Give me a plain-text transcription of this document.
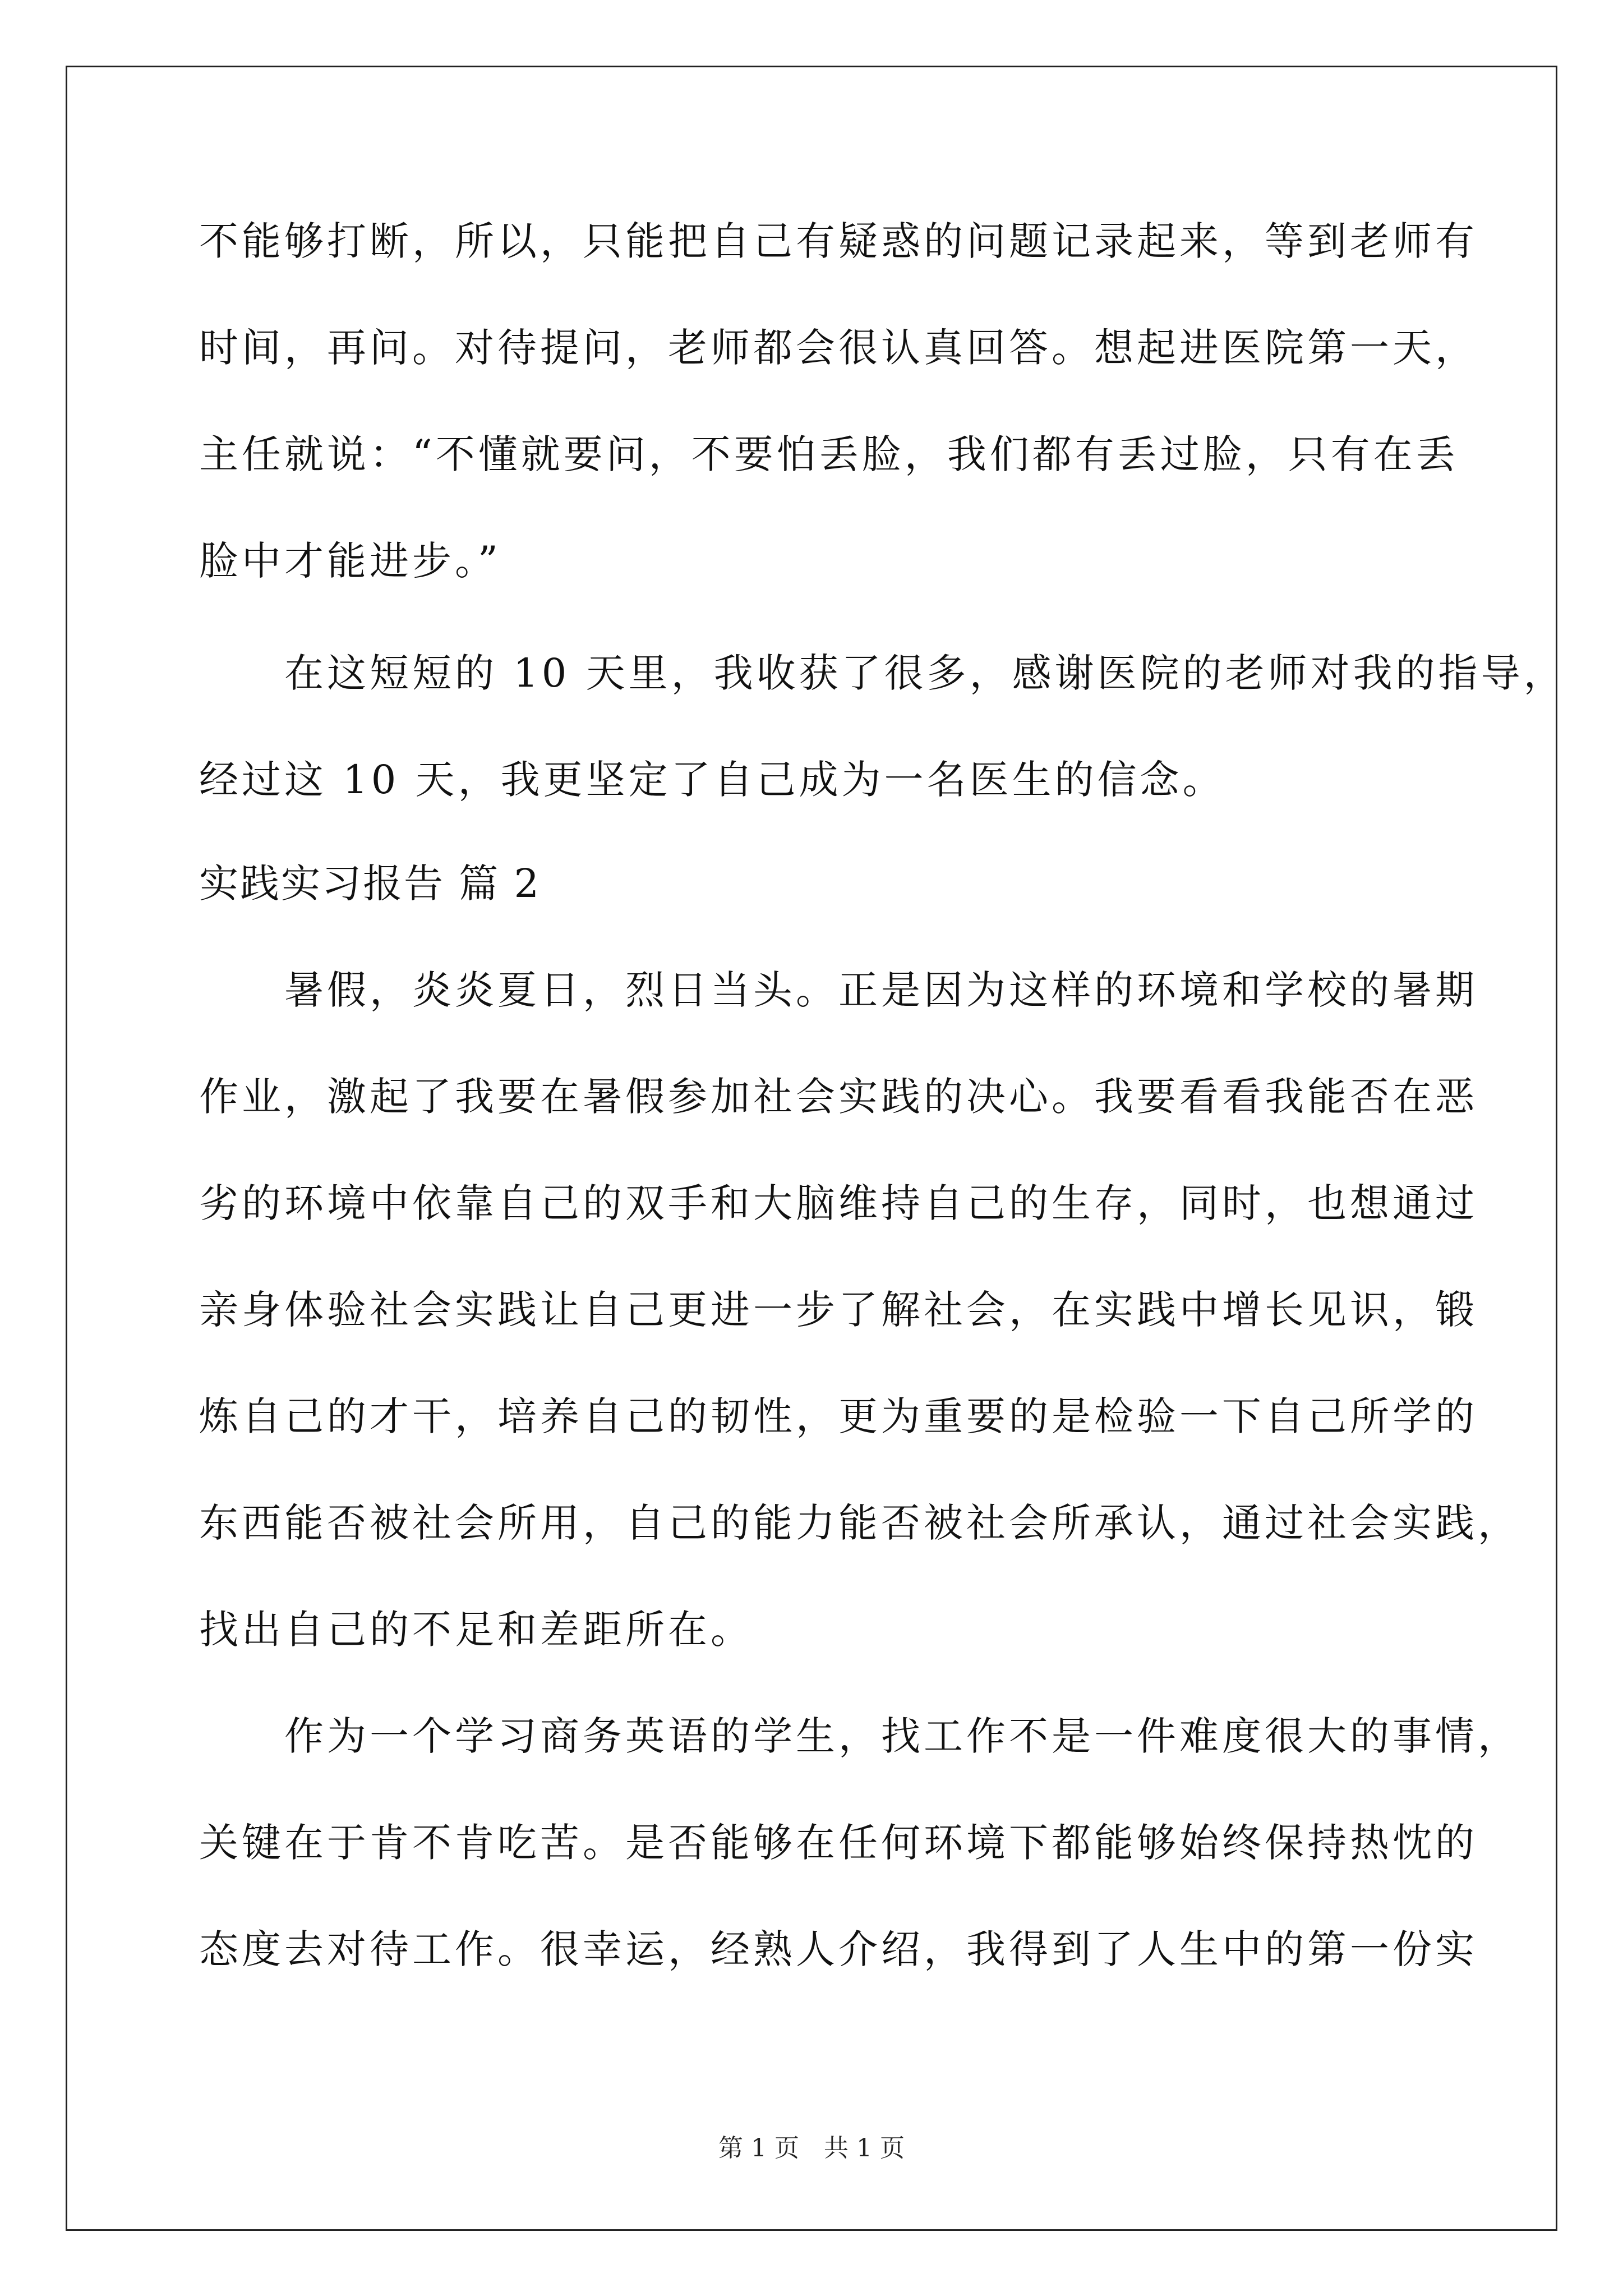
不能够打断，所以，只能把自己有疑惑的问题记录起来，等到老师有
时间，再问。对待提问，老师都会很认真回答。想起进医院第一天，
主任就说：“不懂就要问，不要怕丢脸，我们都有丢过脸，只有在丢
脸中才能进步。”
　　在这短短的 10 天里，我收获了很多，感谢医院的老师对我的指导，
经过这 10 天，我更坚定了自己成为一名医生的信念。
实践实习报告 篇 2
　　暑假，炎炎夏日，烈日当头。正是因为这样的环境和学校的暑期
作业，激起了我要在暑假参加社会实践的决心。我要看看我能否在恶
劣的环境中依靠自己的双手和大脑维持自己的生存，同时，也想通过
亲身体验社会实践让自己更进一步了解社会，在实践中增长见识，锻
炼自己的才干，培养自己的韧性，更为重要的是检验一下自己所学的
东西能否被社会所用，自己的能力能否被社会所承认，通过社会实践，
找出自己的不足和差距所在。
　　作为一个学习商务英语的学生，找工作不是一件难度很大的事情，
关键在于肯不肯吃苦。是否能够在任何环境下都能够始终保持热忱的
态度去对待工作。很幸运，经熟人介绍，我得到了人生中的第一份实
第 1 页　共 1 页
